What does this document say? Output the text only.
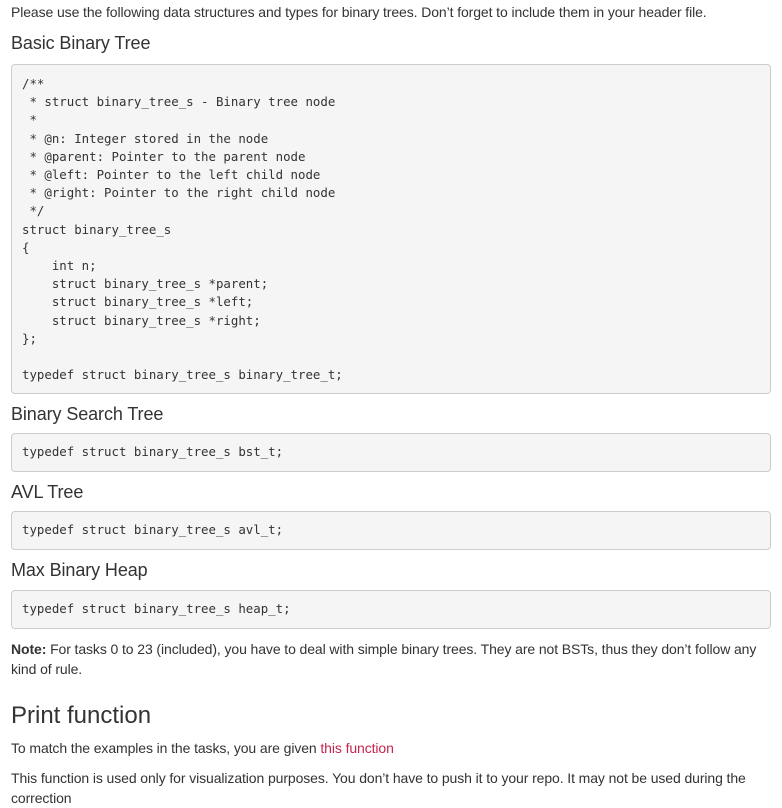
Please use the following data structures and types for binary trees. Don’t forget to include them in your header file.

Basic Binary Tree
/**
* struct binary_tree_s - Binary tree node
*
* @n: Integer stored in the node
* @parent: Pointer to the parent node
* @left: Pointer to the left child node
* @right: Pointer to the right child node
*/
struct binary_tree_s
{
int n;
struct binary_tree_s *parent;
struct binary_tree_s *left;
struct binary_tree_s *right;
};

typedef struct binary_tree_s binary_tree_t;
Binary Search Tree
typedef struct binary_tree_s bst_t;
AVL Tree
typedef struct binary_tree_s avl_t;
Max Binary Heap
typedef struct binary_tree_s heap_t;

Note: For tasks 0 to 23 (included), you have to deal with simple binary trees. They are not BSTs, thus they don’t follow any kind of rule.

Print function

To match the examples in the tasks, you are given this function

This function is used only for visualization purposes. You don’t have to push it to your repo. It may not be used during the correction
